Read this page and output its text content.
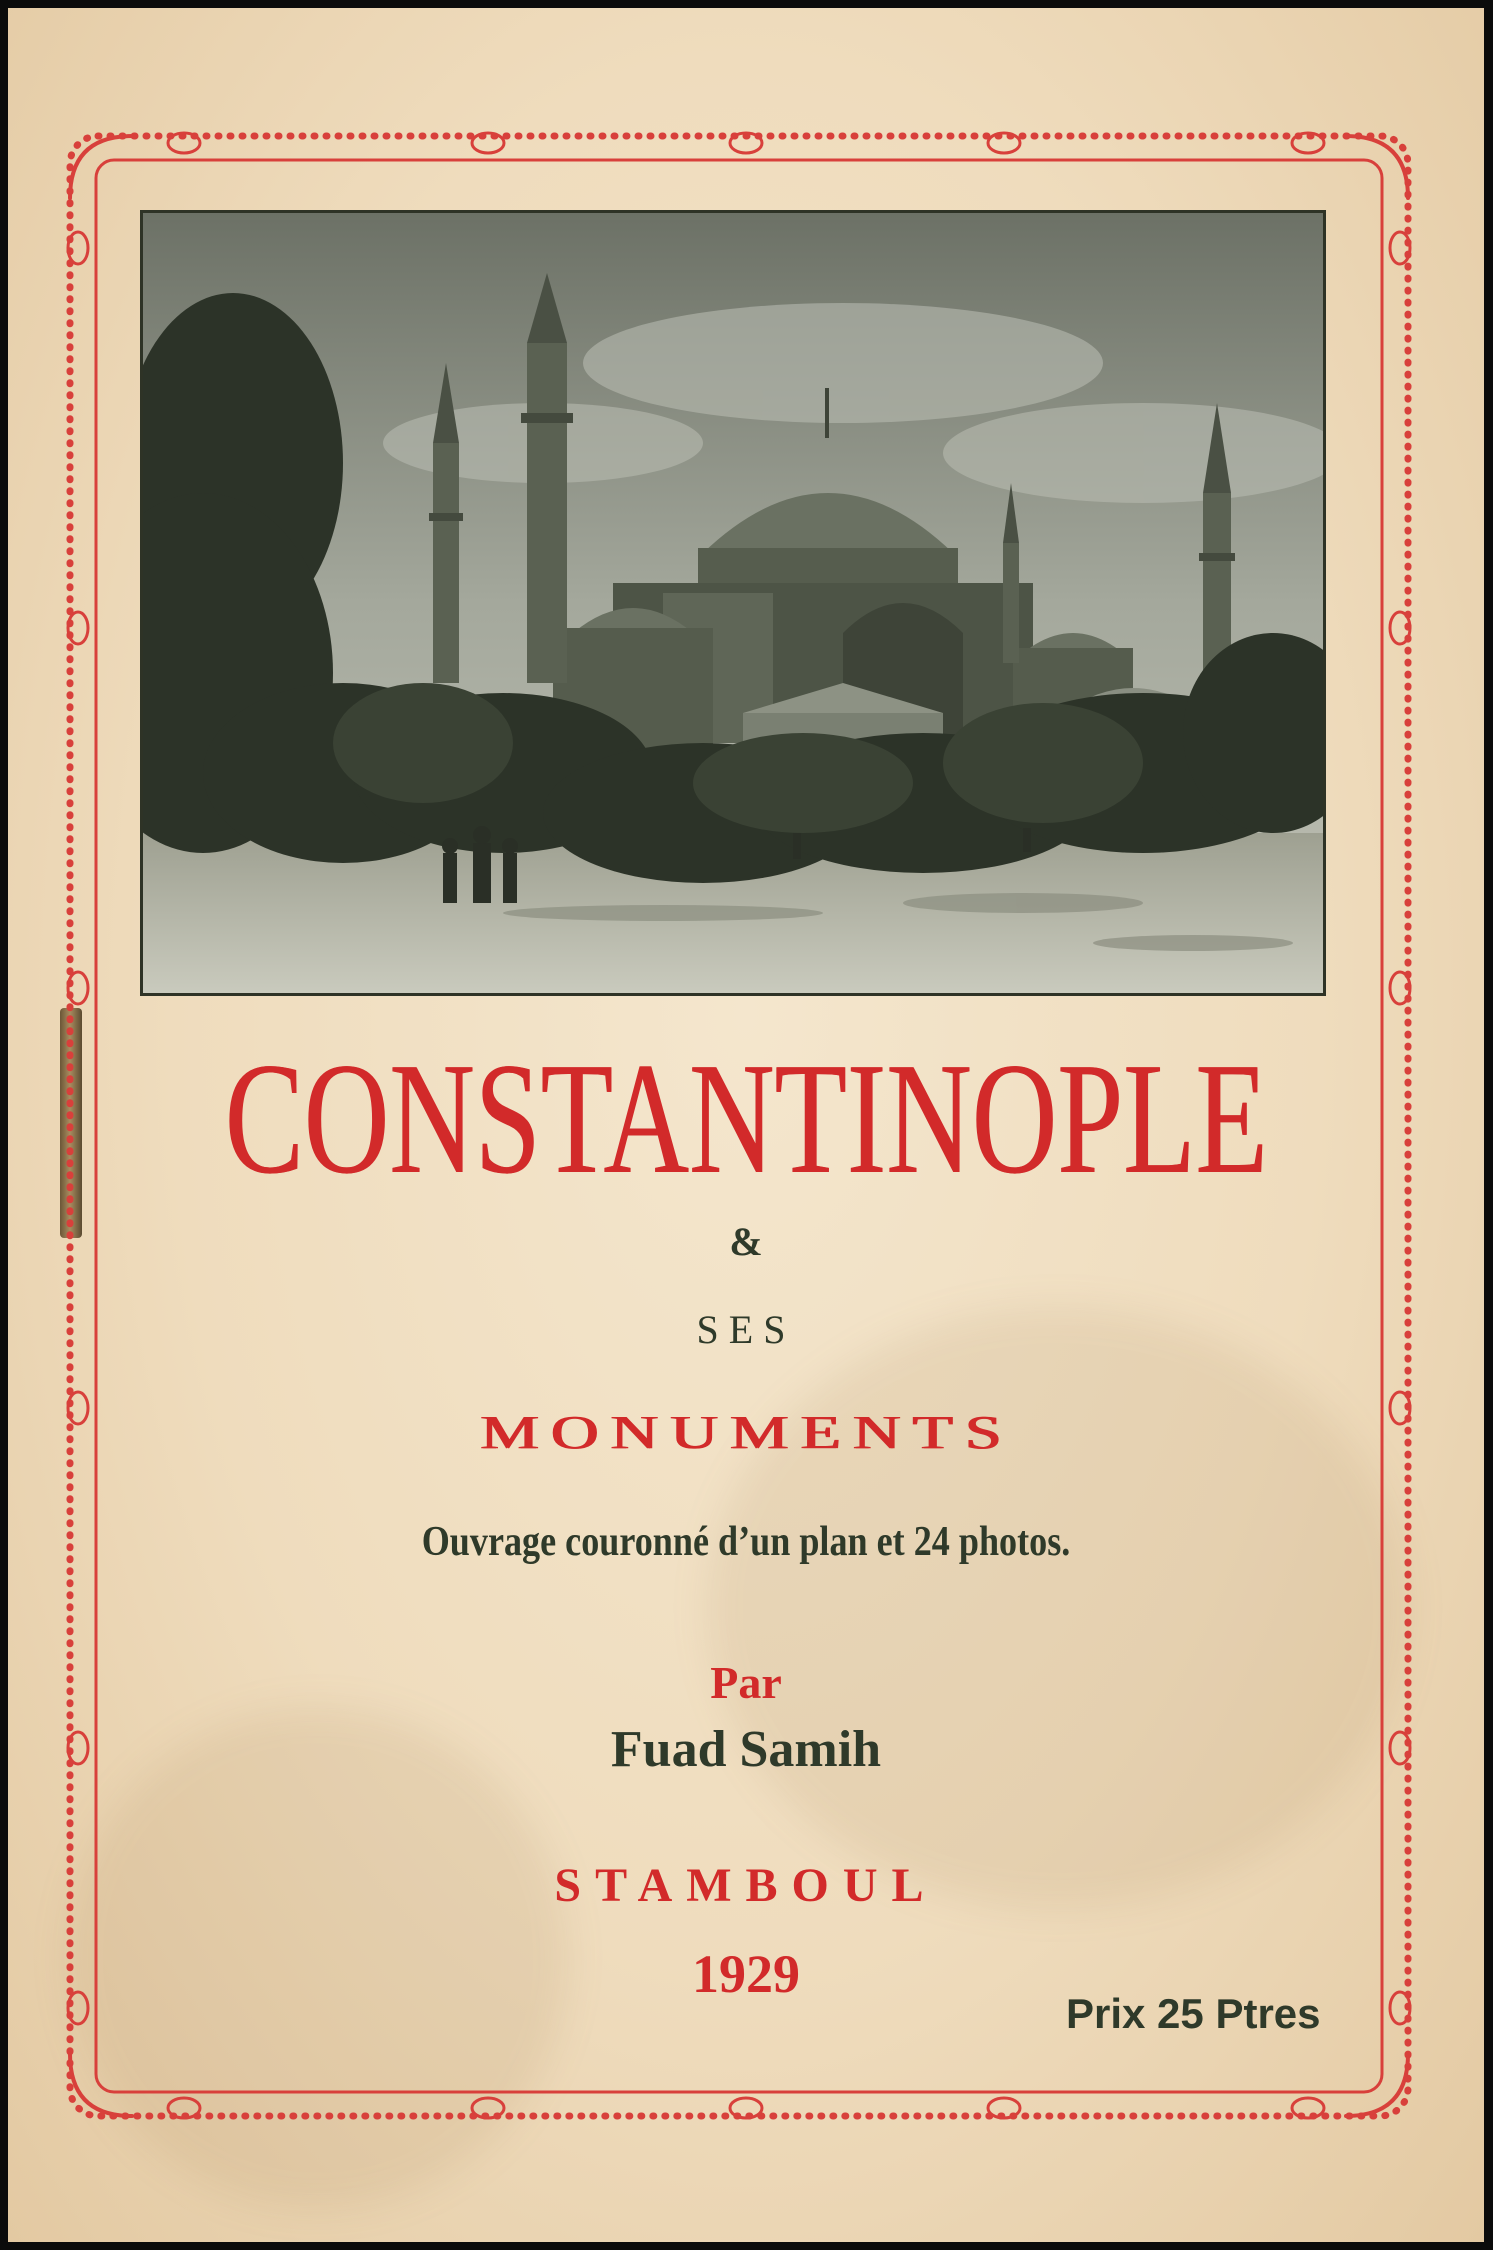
CONSTANTINOPLE
&
SES
MONUMENTS
Ouvrage couronné d’un plan et 24 photos.
Par
Fuad Samih
STAMBOUL
1929
Prix 25 Ptres
